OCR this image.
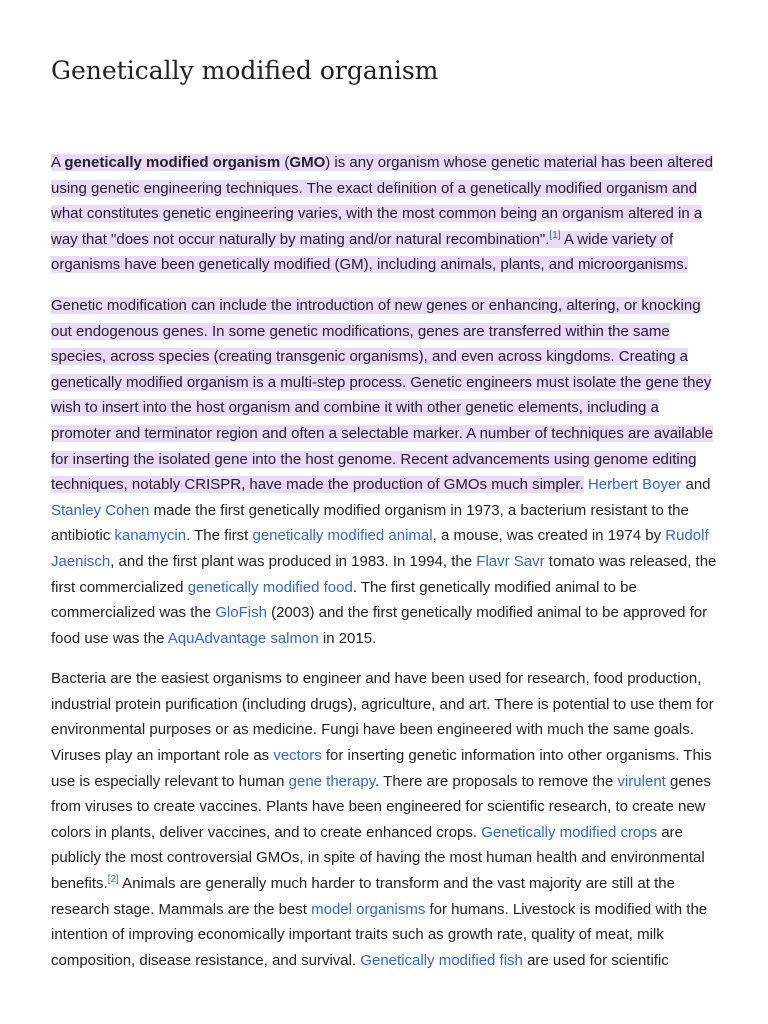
Genetically modified organism

A genetically modified organism (GMO) is any organism whose genetic material has been altered using genetic engineering techniques. The exact definition of a genetically modified organism and what constitutes genetic engineering varies, with the most common being an organism altered in a way that "does not occur naturally by mating and/or natural recombination".[1] A wide variety of organisms have been genetically modified (GM), including animals, plants, and microorganisms.

Genetic modification can include the introduction of new genes or enhancing, altering, or knocking out endogenous genes. In some genetic modifications, genes are transferred within the same species, across species (creating transgenic organisms), and even across kingdoms. Creating a genetically modified organism is a multi-step process. Genetic engineers must isolate the gene they wish to insert into the host organism and combine it with other genetic elements, including a promoter and terminator region and often a selectable marker. A number of techniques are available for inserting the isolated gene into the host genome. Recent advancements using genome editing techniques, notably CRISPR, have made the production of GMOs much simpler. Herbert Boyer and Stanley Cohen made the first genetically modified organism in 1973, a bacterium resistant to the antibiotic kanamycin. The first genetically modified animal, a mouse, was created in 1974 by Rudolf Jaenisch, and the first plant was produced in 1983. In 1994, the Flavr Savr tomato was released, the first commercialized genetically modified food. The first genetically modified animal to be commercialized was the GloFish (2003) and the first genetically modified animal to be approved for food use was the AquAdvantage salmon in 2015.

Bacteria are the easiest organisms to engineer and have been used for research, food production, industrial protein purification (including drugs), agriculture, and art. There is potential to use them for environmental purposes or as medicine. Fungi have been engineered with much the same goals. Viruses play an important role as vectors for inserting genetic information into other organisms. This use is especially relevant to human gene therapy. There are proposals to remove the virulent genes from viruses to create vaccines. Plants have been engineered for scientific research, to create new colors in plants, deliver vaccines, and to create enhanced crops. Genetically modified crops are publicly the most controversial GMOs, in spite of having the most human health and environmental benefits.[2] Animals are generally much harder to transform and the vast majority are still at the research stage. Mammals are the best model organisms for humans. Livestock is modified with the intention of improving economically important traits such as growth rate, quality of meat, milk composition, disease resistance, and survival. Genetically modified fish are used for scientific
